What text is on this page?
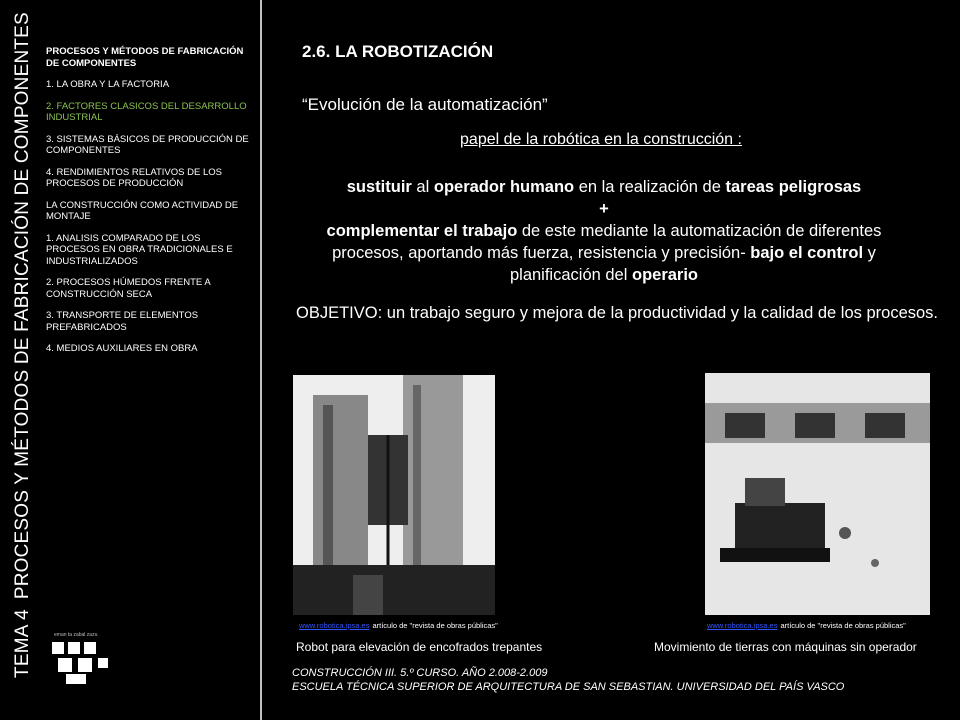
TEMA 4PROCESOS Y MÉTODOS DE FABRICACIÓN DE COMPONENTES
eman ta zabal zazu
PROCESOS Y MÉTODOS DE FABRICACIÓN DE COMPONENTES
1. LA OBRA Y LA FACTORIA
2. FACTORES CLASICOS DEL DESARROLLO INDUSTRIAL
3. SISTEMAS BÁSICOS DE PRODUCCIÓN DE COMPONENTES
4. RENDIMIENTOS RELATIVOS DE LOS PROCESOS DE PRODUCCIÓN
LA CONSTRUCCIÓN COMO ACTIVIDAD DE MONTAJE
1. ANALISIS COMPARADO DE LOS PROCESOS EN OBRA TRADICIONALES E INDUSTRIALIZADOS
2. PROCESOS HÚMEDOS FRENTE A CONSTRUCCIÓN SECA
3. TRANSPORTE DE ELEMENTOS PREFABRICADOS
4. MEDIOS AUXILIARES EN OBRA
2.6. LA ROBOTIZACIÓN
“Evolución de la automatización”
papel de la robótica en la construcción :
sustituir al operador humano en la realización de tareas peligrosas
+
complementar el trabajo de este mediante la automatización de diferentes procesos, aportando más fuerza, resistencia y precisión- bajo el control y planificación del operario
OBJETIVO: un trabajo seguro y mejora de la productividad y la calidad de los procesos.
www.robotica.ipsa.es artículo de "revista de obras públicas"
Robot para elevación de encofrados trepantes
www.robotica.ipsa.es artículo de "revista de obras públicas"
Movimiento de tierras con máquinas sin operador
CONSTRUCCIÓN III. 5.º CURSO. AÑO 2.008-2.009
ESCUELA TÉCNICA SUPERIOR DE ARQUITECTURA DE SAN SEBASTIAN. UNIVERSIDAD DEL PAÍS VASCO
